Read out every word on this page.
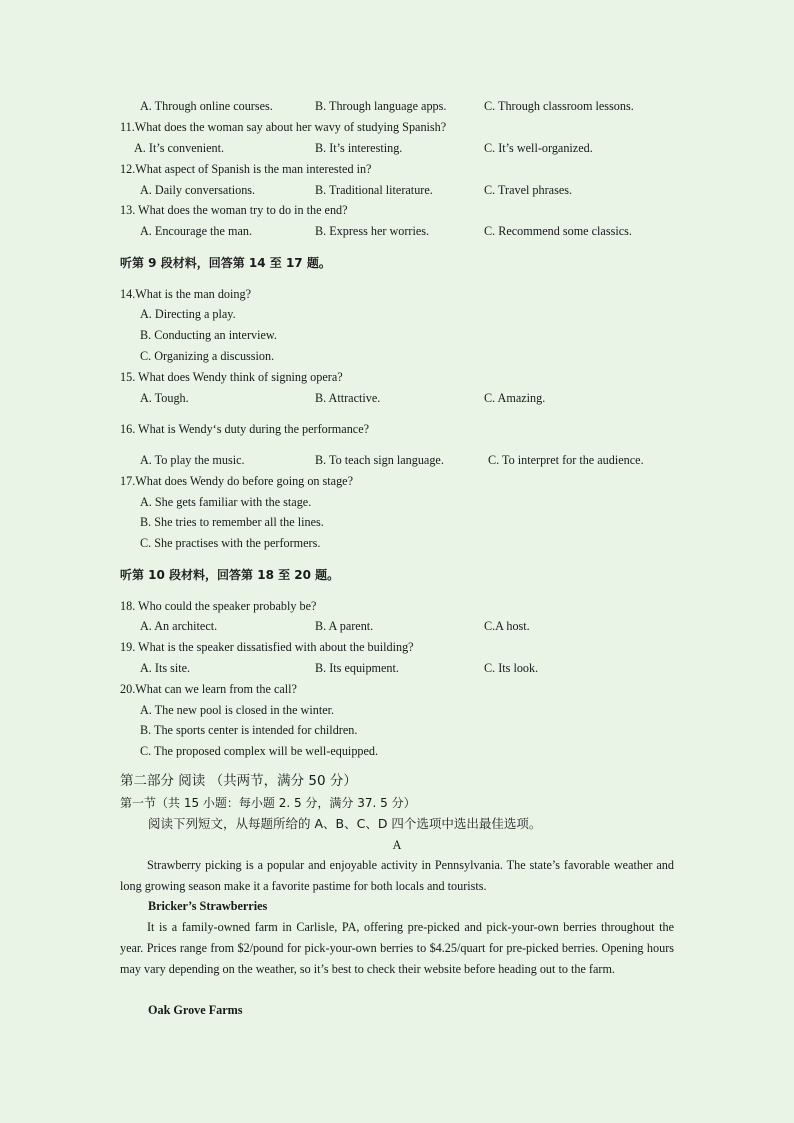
A. Through online courses.	B. Through language apps.	C. Through classroom lessons.
11.What does the woman say about her wavy of studying Spanish?
A. It’s convenient.	B. It’s interesting.	C. It’s well-organized.
12.What aspect of Spanish is the man interested in?
A. Daily conversations.	B. Traditional literature.	C. Travel phrases.
13. What does the woman try to do in the end?
A. Encourage the man.	B. Express her worries.	C. Recommend some classics.
听第 9 段材料，回答第 14 至 17 题。
14.What is the man doing?
A. Directing a play.
B. Conducting an interview.
C. Organizing a discussion.
15. What does Wendy think of signing opera?
A. Tough.	B. Attractive.	C. Amazing.
16. What is Wendy‘s duty during the performance?
A. To play the music.	B. To teach sign language.	C. To interpret for the audience.
17.What does Wendy do before going on stage?
A. She gets familiar with the stage.
B. She tries to remember all the lines.
C. She practises with the performers.
听第 10 段材料，回答第 18 至 20 题。
18. Who could the speaker probably be?
A. An architect.	B. A parent.	C.A host.
19. What is the speaker dissatisfied with about the building?
A. Its site.	B. Its equipment.	C. Its look.
20.What can we learn from the call?
A. The new pool is closed in the winter.
B. The sports center is intended for children.
C. The proposed complex will be well-equipped.
第二部分 阅读 （共两节，满分 50 分）
第一节（共 15 小题：每小题 2. 5 分，满分 37. 5 分）
阅读下列短文，从每题所给的 A、B、C、D 四个选项中选出最佳选项。
A
Strawberry picking is a popular and enjoyable activity in Pennsylvania. The state’s favorable weather and long growing season make it a favorite pastime for both locals and tourists.
Bricker’s Strawberries
It is a family-owned farm in Carlisle, PA, offering pre-picked and pick-your-own berries throughout the year. Prices range from $2/pound for pick-your-own berries to $4.25/quart for pre-picked berries. Opening hours may vary depending on the weather, so it’s best to check their website before heading out to the farm.
Oak Grove Farms
